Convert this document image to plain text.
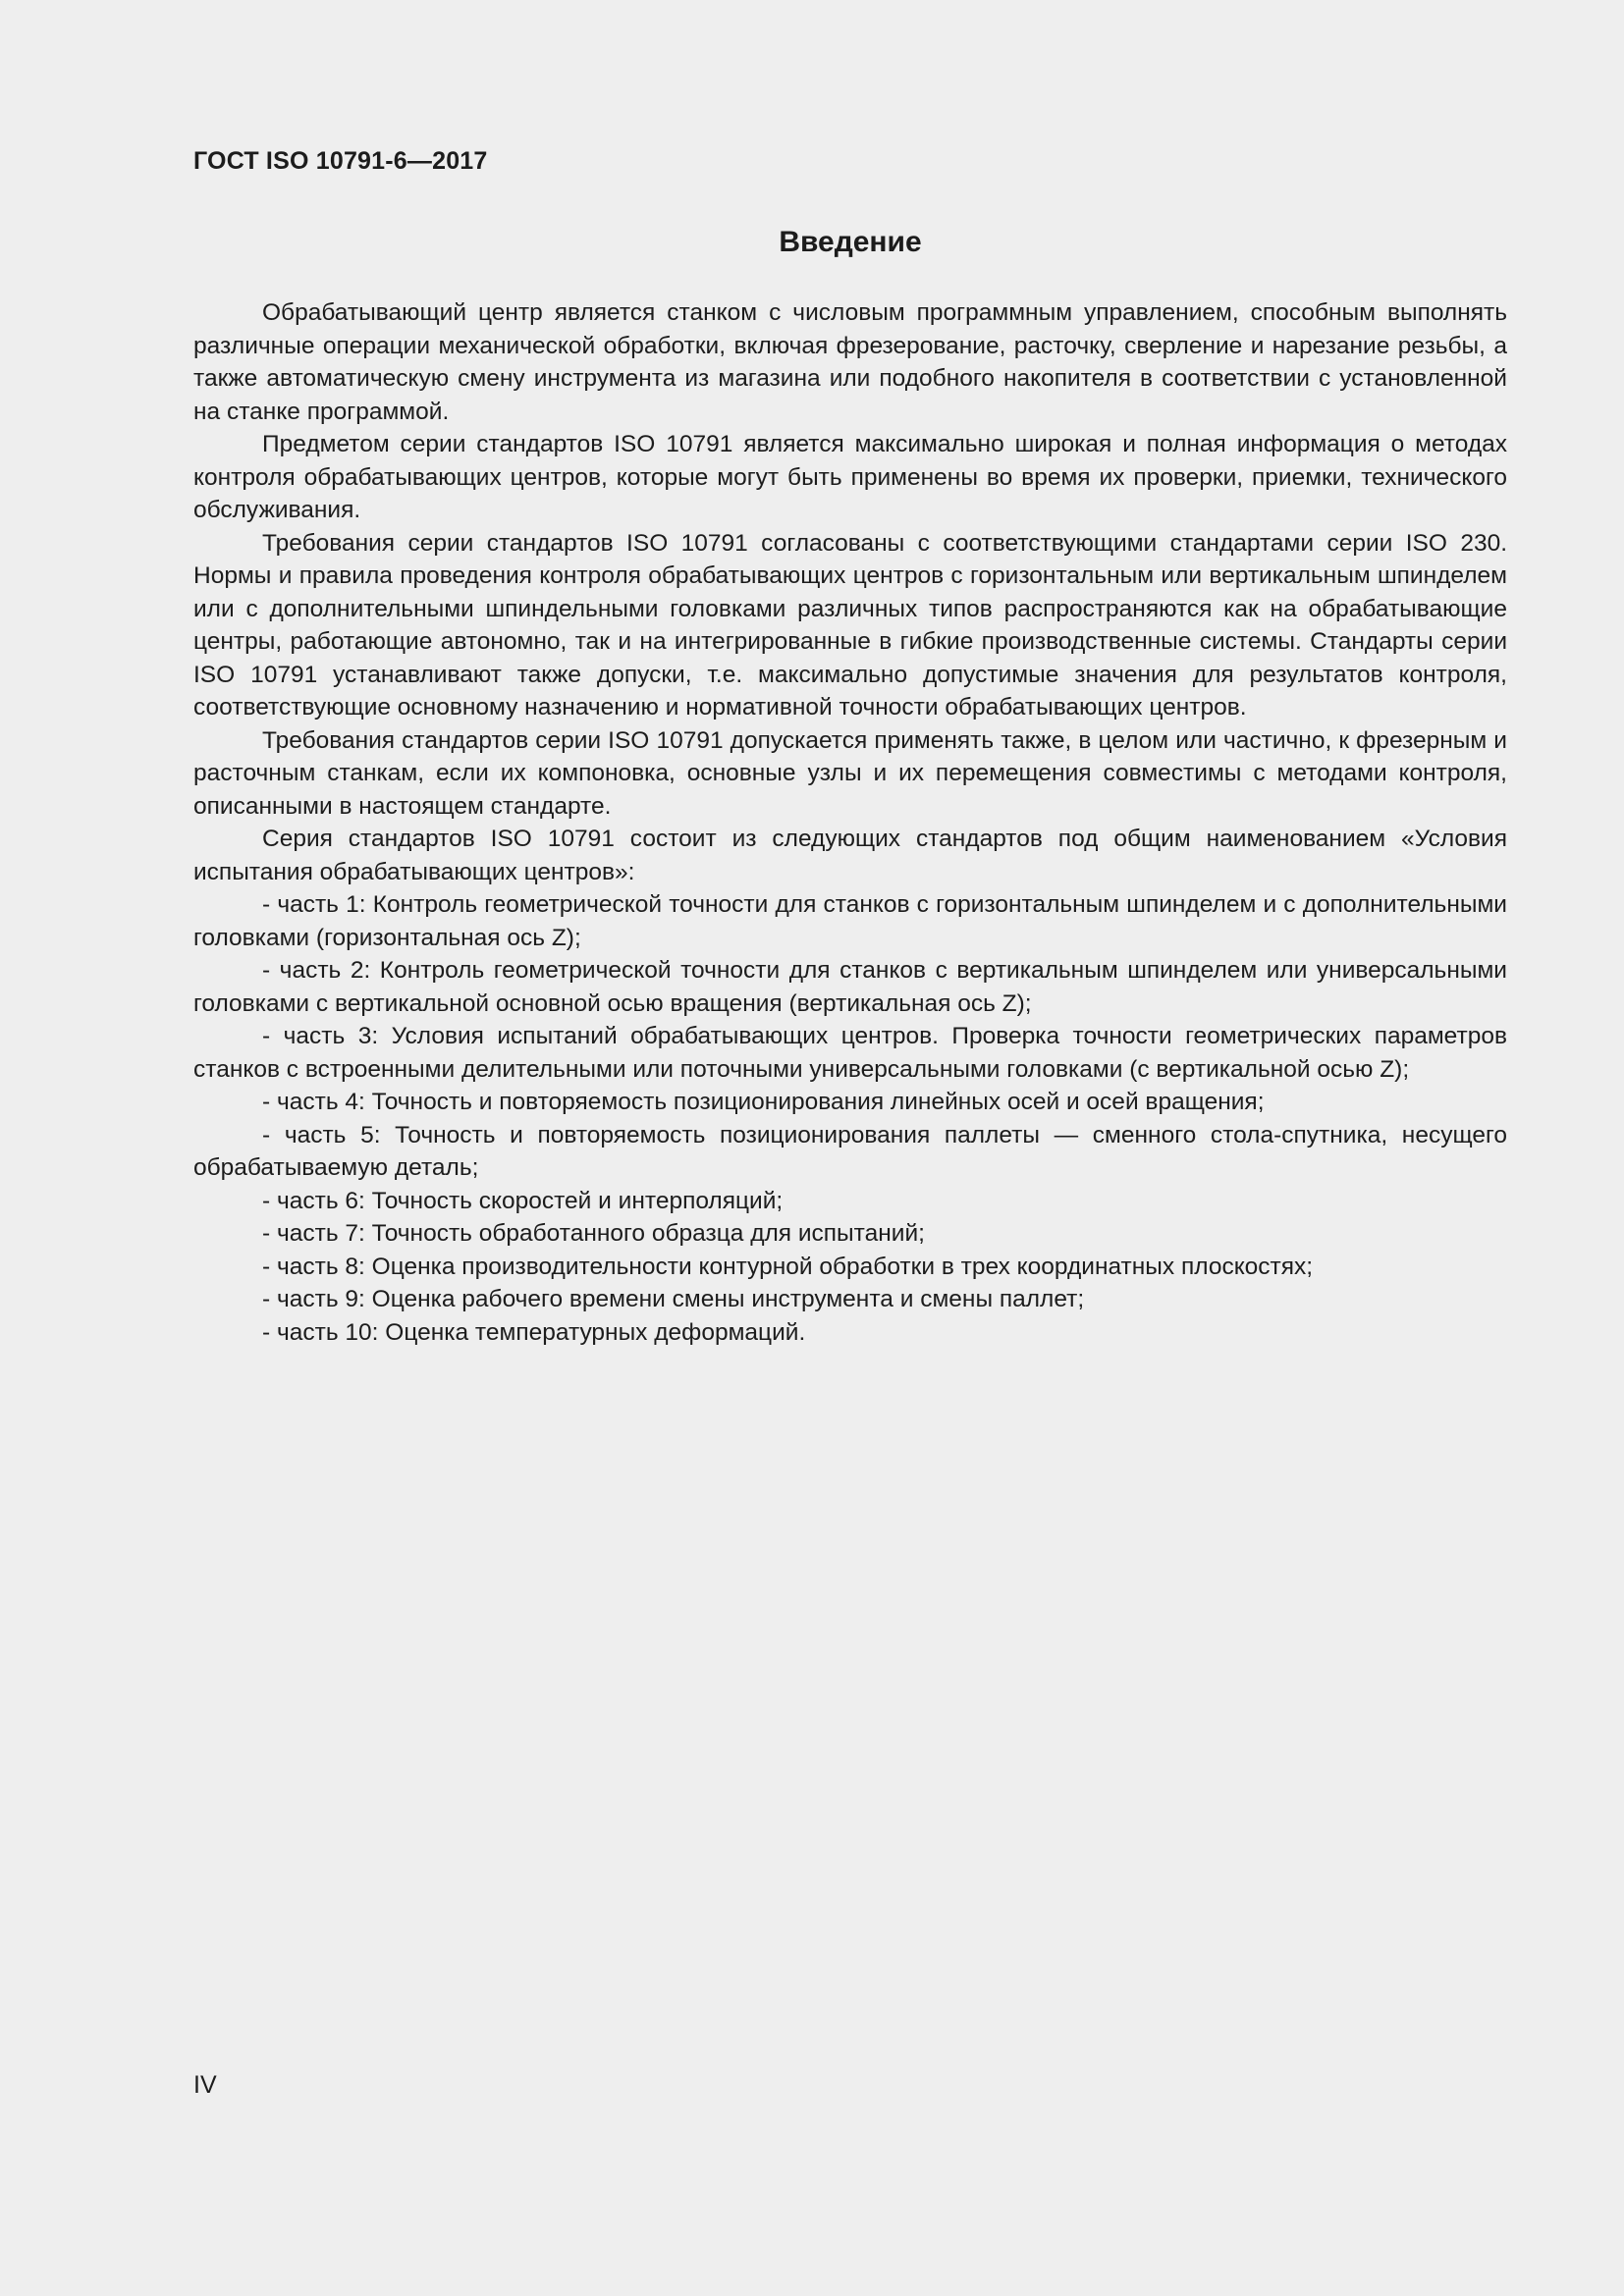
ГОСТ ISO 10791-6—2017

Введение

Обрабатывающий центр является станком с числовым программным управлением, способным выполнять различные операции механической обработки, включая фрезерование, расточку, сверление и нарезание резьбы, а также автоматическую смену инструмента из магазина или подобного накопителя в соответствии с установленной на станке программой.

Предметом серии стандартов ISO 10791 является максимально широкая и полная информация о методах контроля обрабатывающих центров, которые могут быть применены во время их проверки, приемки, технического обслуживания.

Требования серии стандартов ISO 10791 согласованы с соответствующими стандартами серии ISO 230. Нормы и правила проведения контроля обрабатывающих центров с горизонтальным или вертикальным шпинделем или с дополнительными шпиндельными головками различных типов распространяются как на обрабатывающие центры, работающие автономно, так и на интегрированные в гибкие производственные системы. Стандарты серии ISO 10791 устанавливают также допуски, т.е. максимально допустимые значения для результатов контроля, соответствующие основному назначению и нормативной точности обрабатывающих центров.

Требования стандартов серии ISO 10791 допускается применять также, в целом или частично, к фрезерным и расточным станкам, если их компоновка, основные узлы и их перемещения совместимы с методами контроля, описанными в настоящем стандарте.

Серия стандартов ISO 10791 состоит из следующих стандартов под общим наименованием «Условия испытания обрабатывающих центров»:

- часть 1: Контроль геометрической точности для станков с горизонтальным шпинделем и с дополнительными головками (горизонтальная ось Z);

- часть 2: Контроль геометрической точности для станков с вертикальным шпинделем или универсальными головками с вертикальной основной осью вращения (вертикальная ось Z);

- часть 3: Условия испытаний обрабатывающих центров. Проверка точности геометрических параметров станков с встроенными делительными или поточными универсальными головками (с вертикальной осью Z);

- часть 4: Точность и повторяемость позиционирования линейных осей и осей вращения;

- часть 5: Точность и повторяемость позиционирования паллеты — сменного стола-спутника, несущего обрабатываемую деталь;

- часть 6: Точность скоростей и интерполяций;

- часть 7: Точность обработанного образца для испытаний;

- часть 8: Оценка производительности контурной обработки в трех координатных плоскостях;

- часть 9: Оценка рабочего времени смены инструмента и смены паллет;

- часть 10: Оценка температурных деформаций.

IV
